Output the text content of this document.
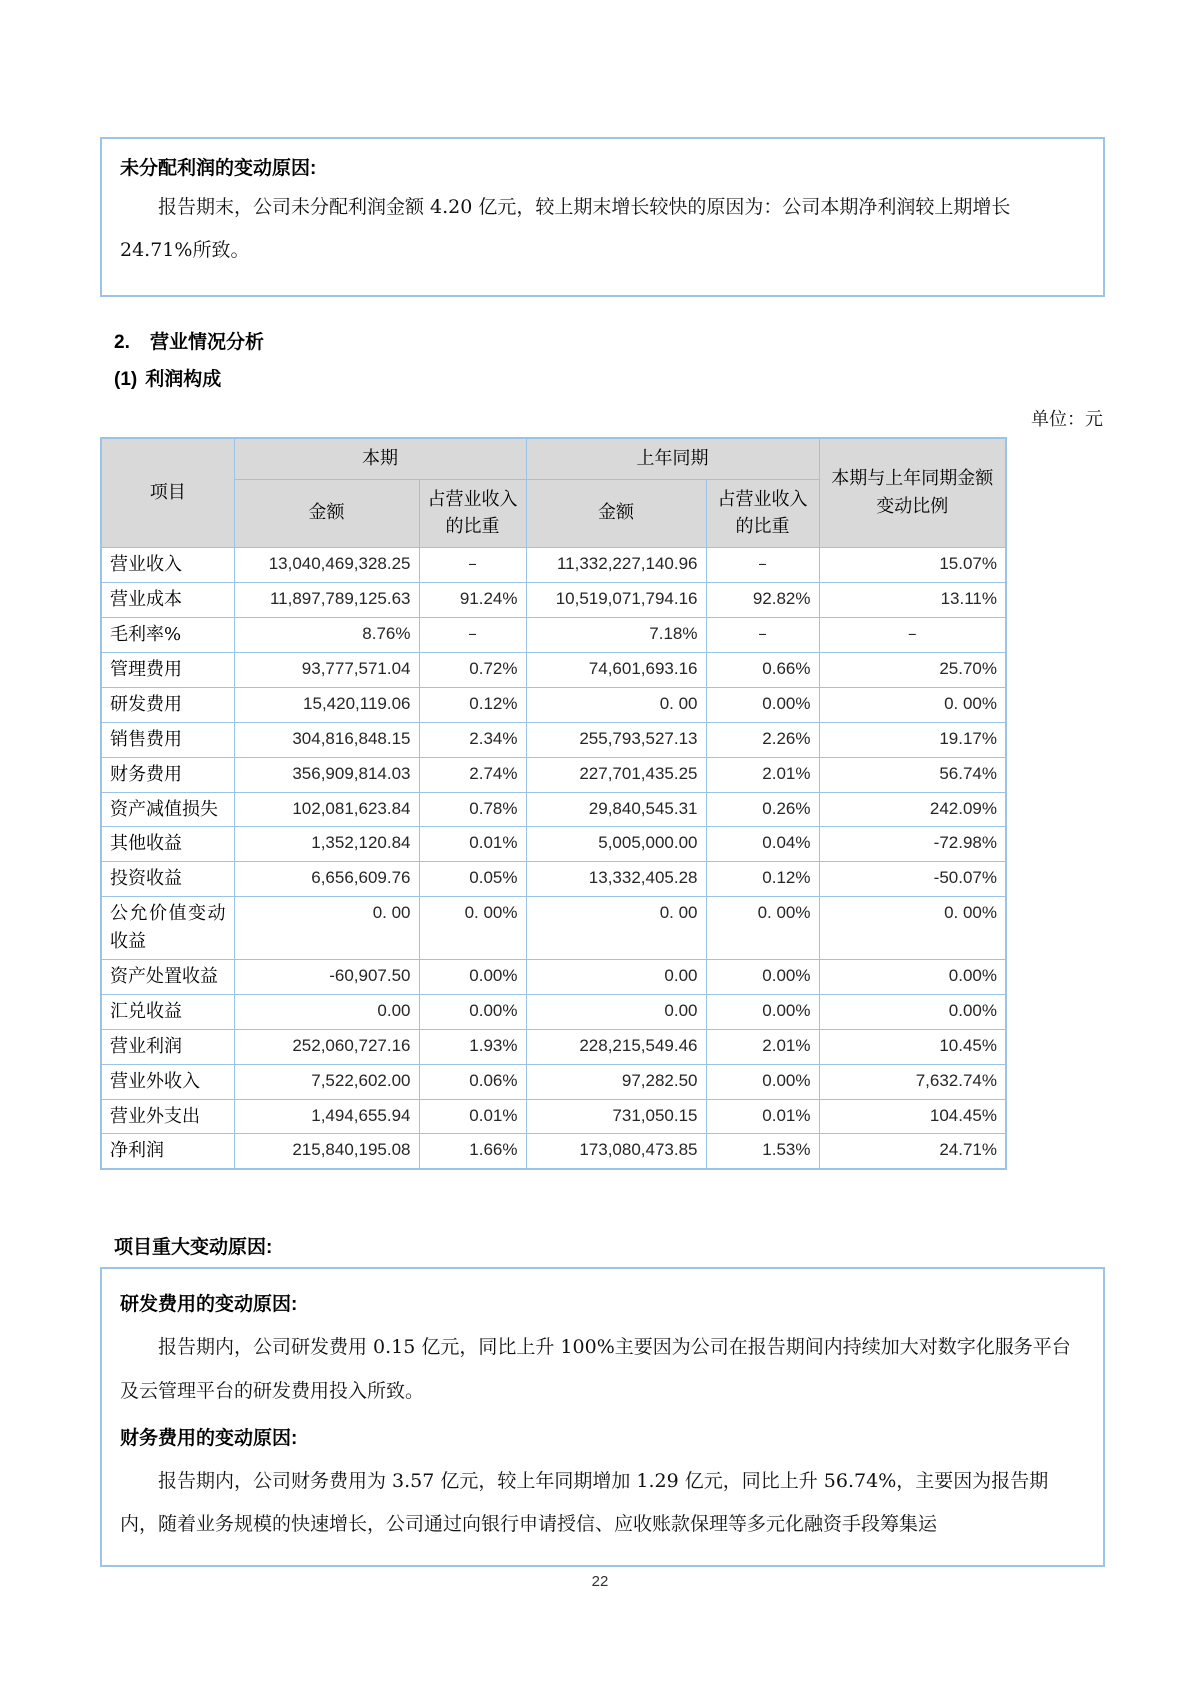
未分配利润的变动原因:

报告期末，公司未分配利润金额 4.20 亿元，较上期末增长较快的原因为：公司本期净利润较上期增长 24.71%所致。

2. 营业情况分析
(1) 利润构成
单位：元
项目	本期		上年同期		本期与上年同期金额变动比例
	金额	占营业收入的比重	金额	占营业收入的比重	
营业收入	13,040,469,328.25	–	11,332,227,140.96	–	15.07%
营业成本	11,897,789,125.63	91.24%	10,519,071,794.16	92.82%	13.11%
毛利率%	8.76%	–	7.18%	–	–
管理费用	93,777,571.04	0.72%	74,601,693.16	0.66%	25.70%
研发费用	15,420,119.06	0.12%	0. 00	0.00%	0. 00%
销售费用	304,816,848.15	2.34%	255,793,527.13	2.26%	19.17%
财务费用	356,909,814.03	2.74%	227,701,435.25	2.01%	56.74%
资产减值损失	102,081,623.84	0.78%	29,840,545.31	0.26%	242.09%
其他收益	1,352,120.84	0.01%	5,005,000.00	0.04%	-72.98%
投资收益	6,656,609.76	0.05%	13,332,405.28	0.12%	-50.07%
公允价值变动收益	0. 00	0. 00%	0. 00	0. 00%	0. 00%
资产处置收益	-60,907.50	0.00%	0.00	0.00%	0.00%
汇兑收益	0.00	0.00%	0.00	0.00%	0.00%
营业利润	252,060,727.16	1.93%	228,215,549.46	2.01%	10.45%
营业外收入	7,522,602.00	0.06%	97,282.50	0.00%	7,632.74%
营业外支出	1,494,655.94	0.01%	731,050.15	0.01%	104.45%
净利润	215,840,195.08	1.66%	173,080,473.85	1.53%	24.71%
项目重大变动原因:
研发费用的变动原因:

报告期内，公司研发费用 0.15 亿元，同比上升 100%主要因为公司在报告期间内持续加大对数字化服务平台及云管理平台的研发费用投入所致。

财务费用的变动原因:

报告期内，公司财务费用为 3.57 亿元，较上年同期增加 1.29 亿元，同比上升 56.74%，主要因为报告期内，随着业务规模的快速增长，公司通过向银行申请授信、应收账款保理等多元化融资手段筹集运

22
